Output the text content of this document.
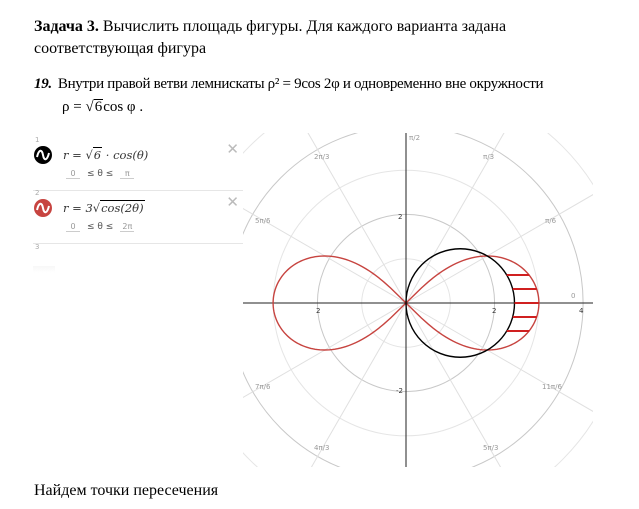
Задача 3. Вычислить площадь фигуры. Для каждого варианта задана соответствующая фигура
19. Внутри правой ветви лемнискаты ρ² = 9cos 2φ и одновременно вне окружности
ρ = √6cos φ .
1
r = √6 · cos(θ)	✕
0 ≤ θ ≤ π
2
r = 3√cos(2θ)	✕
0 ≤ θ ≤ 2π
3
π/2
2π/3	π/3
5π/6	π/6
0
7π/6	11π/6
4π/3	5π/3
2	2	4
2
-2
Найдем точки пересечения
